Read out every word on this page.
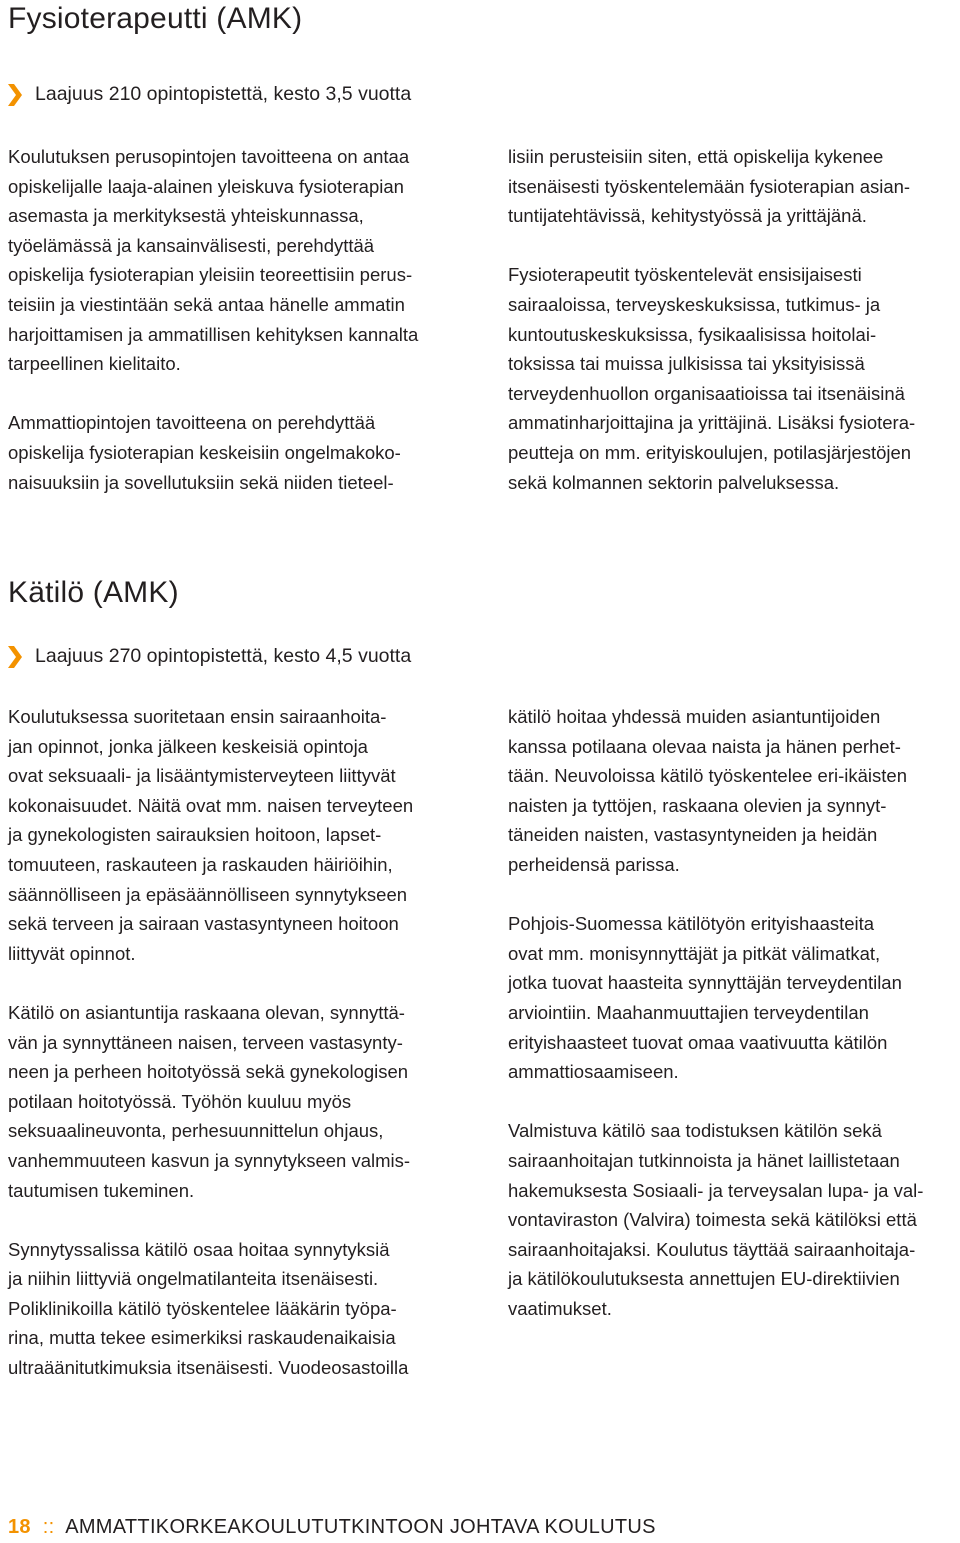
Fysioterapeutti (AMK)
Laajuus 210 opintopistettä, kesto 3,5 vuotta

Koulutuksen perusopintojen tavoitteena on antaa
opiskelijalle laaja-alainen yleiskuva fysioterapian
asemasta ja merkityksestä yhteiskunnassa,
työelämässä ja kansainvälisesti, perehdyttää
opiskelija fysioterapian yleisiin teoreettisiin perus-
teisiin ja viestintään sekä antaa hänelle ammatin
harjoittamisen ja ammatillisen kehityksen kannalta
tarpeellinen kielitaito.

Ammattiopintojen tavoitteena on perehdyttää
opiskelija fysioterapian keskeisiin ongelmakoko-
naisuuksiin ja sovellutuksiin sekä niiden tieteel-

lisiin perusteisiin siten, että opiskelija kykenee
itsenäisesti työskentelemään fysioterapian asian-
tuntijatehtävissä, kehitystyössä ja yrittäjänä.

Fysioterapeutit työskentelevät ensisijaisesti
sairaaloissa, terveyskeskuksissa, tutkimus- ja
kuntoutuskeskuksissa, fysikaalisissa hoitolai-
toksissa tai muissa julkisissa tai yksityisissä
terveydenhuollon organisaatioissa tai itsenäisinä
ammatinharjoittajina ja yrittäjinä. Lisäksi fysiotera-
peutteja on mm. erityiskoulujen, potilasjärjestöjen
sekä kolmannen sektorin palveluksessa.

Kätilö (AMK)
Laajuus 270 opintopistettä, kesto 4,5 vuotta

Koulutuksessa suoritetaan ensin sairaanhoita-
jan opinnot, jonka jälkeen keskeisiä opintoja
ovat seksuaali- ja lisääntymisterveyteen liittyvät
kokonaisuudet. Näitä ovat mm. naisen terveyteen
ja gynekologisten sairauksien hoitoon, lapset-
tomuuteen, raskauteen ja raskauden häiriöihin,
säännölliseen ja epäsäännölliseen synnytykseen
sekä terveen ja sairaan vastasyntyneen hoitoon
liittyvät opinnot.

Kätilö on asiantuntija raskaana olevan, synnyttä-
vän ja synnyttäneen naisen, terveen vastasynty-
neen ja perheen hoitotyössä sekä gynekologisen
potilaan hoitotyössä. Työhön kuuluu myös
seksuaalineuvonta, perhesuunnittelun ohjaus,
vanhemmuuteen kasvun ja synnytykseen valmis-
tautumisen tukeminen.

Synnytyssalissa kätilö osaa hoitaa synnytyksiä
ja niihin liittyviä ongelmatilanteita itsenäisesti.
Poliklinikoilla kätilö työskentelee lääkärin työpa-
rina, mutta tekee esimerkiksi raskaudenaikaisia
ultraäänitutkimuksia itsenäisesti. Vuodeosastoilla

kätilö hoitaa yhdessä muiden asiantuntijoiden
kanssa potilaana olevaa naista ja hänen perhet-
tään. Neuvoloissa kätilö työskentelee eri-ikäisten
naisten ja tyttöjen, raskaana olevien ja synnyt-
täneiden naisten, vastasyntyneiden ja heidän
perheidensä parissa.

Pohjois-Suomessa kätilötyön erityishaasteita
ovat mm. monisynnyttäjät ja pitkät välimatkat,
jotka tuovat haasteita synnyttäjän terveydentilan
arviointiin. Maahanmuuttajien terveydentilan
erityishaasteet tuovat omaa vaativuutta kätilön
ammattiosaamiseen.

Valmistuva kätilö saa todistuksen kätilön sekä
sairaanhoitajan tutkinnoista ja hänet laillistetaan
hakemuksesta Sosiaali- ja terveysalan lupa- ja val-
vontaviraston (Valvira) toimesta sekä kätilöksi että
sairaanhoitajaksi. Koulutus täyttää sairaanhoitaja-
ja kätilökoulutuksesta annettujen EU-direktiivien
vaatimukset.

18 :: AMMATTIKORKEAKOULUTUTKINTOON JOHTAVA KOULUTUS
